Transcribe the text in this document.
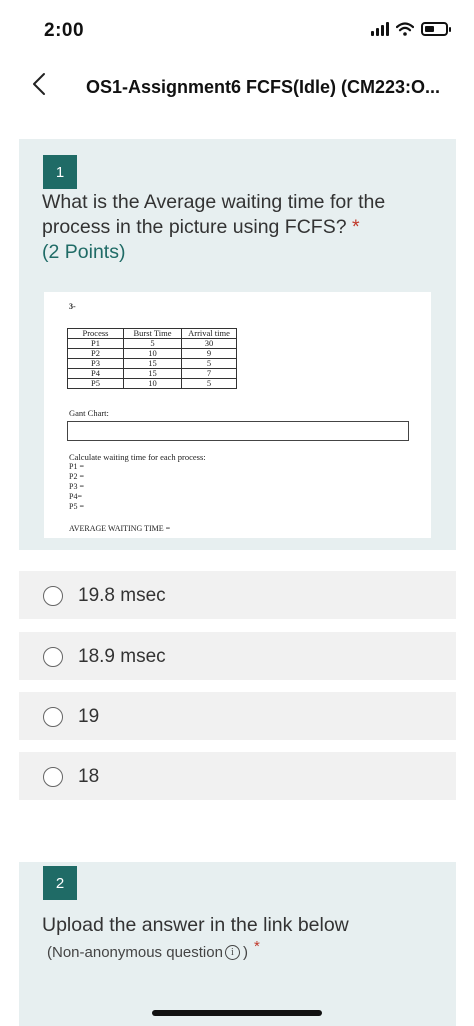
2:00
OS1-Assignment6 FCFS(Idle) (CM223:O...
1
What is the Average waiting time for the process in the picture using FCFS? *
(2 Points)
3-
Process	Burst Time	Arrival time
P1	5	30
P2	10	9
P3	15	5
P4	15	7
P5	10	5
Gant Chart:
Calculate waiting time for each process:
P1 =
P2 =
P3 =
P4=
P5 =
AVERAGE WAITING TIME =
19.8 msec
18.9 msec
19
18
2
Upload the answer in the link below
(Non-anonymous question i ) *
